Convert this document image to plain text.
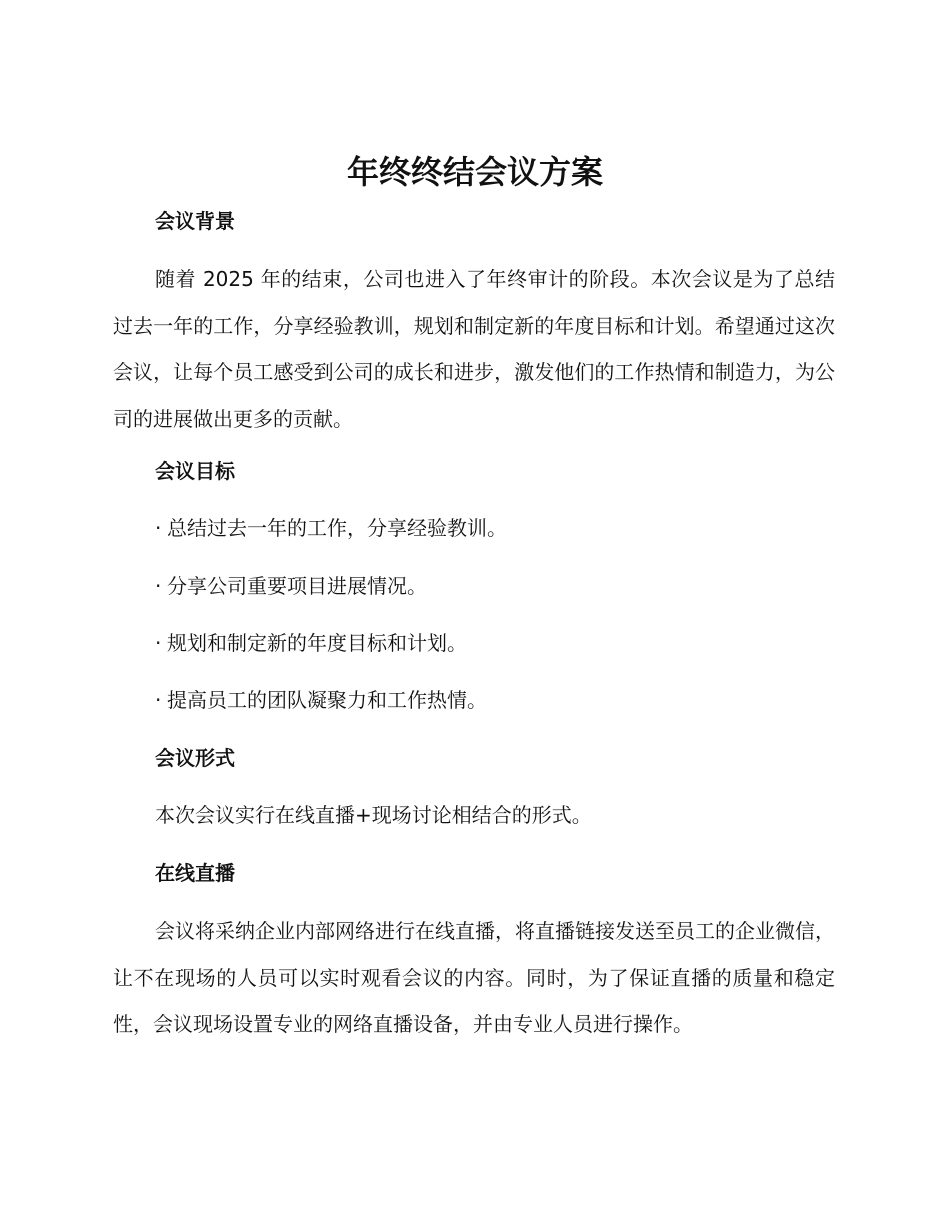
年终终结会议方案
会议背景

随着 2025 年的结束，公司也进入了年终审计的阶段。本次会议是为了总结过去一年的工作，分享经验教训，规划和制定新的年度目标和计划。希望通过这次会议，让每个员工感受到公司的成长和进步，激发他们的工作热情和制造力，为公司的进展做出更多的贡献。

会议目标
· 总结过去一年的工作，分享经验教训。
· 分享公司重要项目进展情况。
· 规划和制定新的年度目标和计划。
· 提高员工的团队凝聚力和工作热情。
会议形式

本次会议实行在线直播+现场讨论相结合的形式。

在线直播

会议将采纳企业内部网络进行在线直播，将直播链接发送至员工的企业微信，让不在现场的人员可以实时观看会议的内容。同时，为了保证直播的质量和稳定性，会议现场设置专业的网络直播设备，并由专业人员进行操作。
